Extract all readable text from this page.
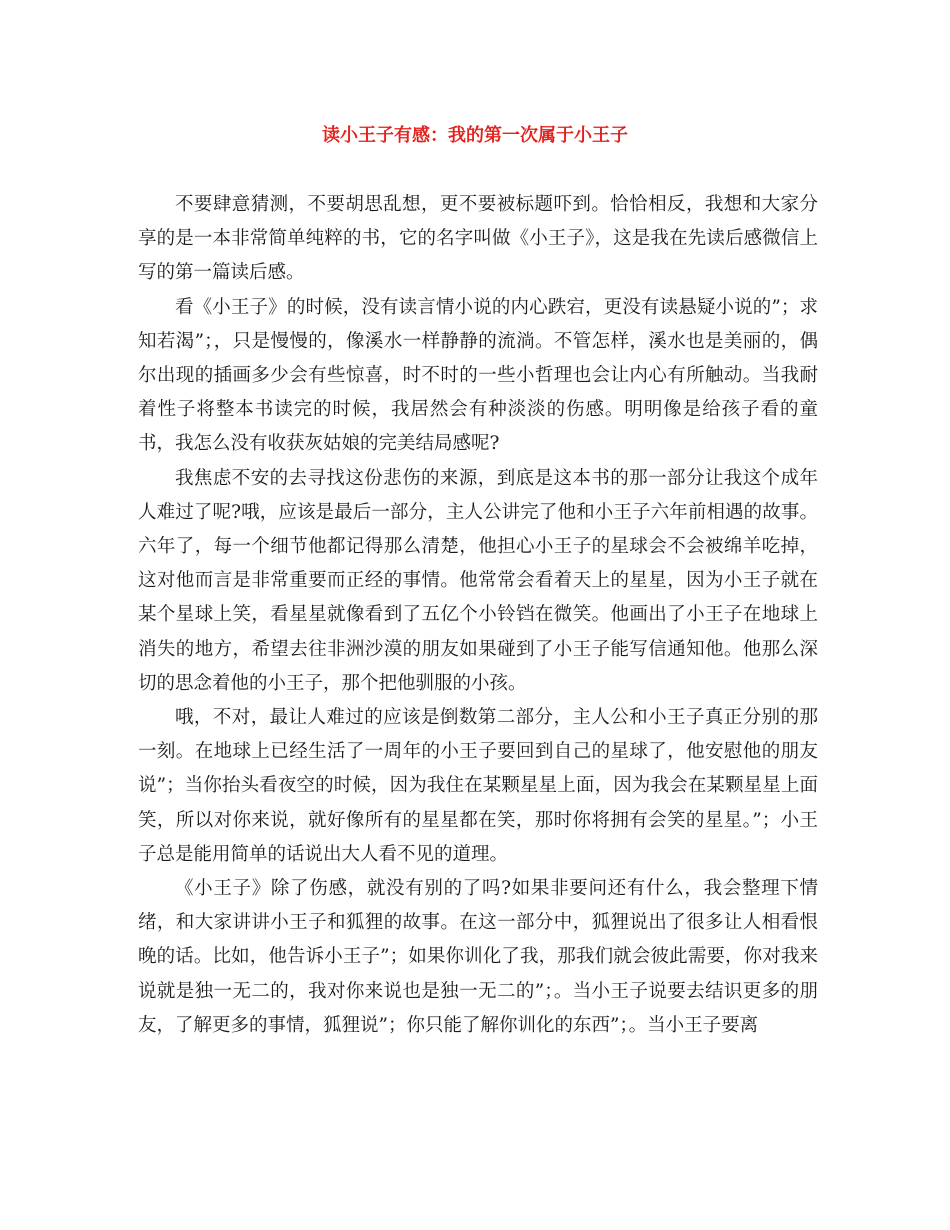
读小王子有感：我的第一次属于小王子

不要肆意猜测，不要胡思乱想，更不要被标题吓到。恰恰相反，我想和大家分享的是一本非常简单纯粹的书，它的名字叫做《小王子》，这是我在先读后感微信上写的第一篇读后感。

看《小王子》的时候，没有读言情小说的内心跌宕，更没有读悬疑小说的”；求知若渴”；，只是慢慢的，像溪水一样静静的流淌。不管怎样，溪水也是美丽的，偶尔出现的插画多少会有些惊喜，时不时的一些小哲理也会让内心有所触动。当我耐着性子将整本书读完的时候，我居然会有种淡淡的伤感。明明像是给孩子看的童书，我怎么没有收获灰姑娘的完美结局感呢?

我焦虑不安的去寻找这份悲伤的来源，到底是这本书的那一部分让我这个成年人难过了呢?哦，应该是最后一部分，主人公讲完了他和小王子六年前相遇的故事。六年了，每一个细节他都记得那么清楚，他担心小王子的星球会不会被绵羊吃掉，这对他而言是非常重要而正经的事情。他常常会看着天上的星星，因为小王子就在某个星球上笑，看星星就像看到了五亿个小铃铛在微笑。他画出了小王子在地球上消失的地方，希望去往非洲沙漠的朋友如果碰到了小王子能写信通知他。他那么深切的思念着他的小王子，那个把他驯服的小孩。

哦，不对，最让人难过的应该是倒数第二部分，主人公和小王子真正分别的那一刻。在地球上已经生活了一周年的小王子要回到自己的星球了，他安慰他的朋友说”；当你抬头看夜空的时候，因为我住在某颗星星上面，因为我会在某颗星星上面笑，所以对你来说，就好像所有的星星都在笑，那时你将拥有会笑的星星。”；小王子总是能用简单的话说出大人看不见的道理。

《小王子》除了伤感，就没有别的了吗?如果非要问还有什么，我会整理下情绪，和大家讲讲小王子和狐狸的故事。在这一部分中，狐狸说出了很多让人相看恨晚的话。比如，他告诉小王子”；如果你训化了我，那我们就会彼此需要，你对我来说就是独一无二的，我对你来说也是独一无二的”；。当小王子说要去结识更多的朋友，了解更多的事情，狐狸说”；你只能了解你训化的东西”；。当小王子要离
